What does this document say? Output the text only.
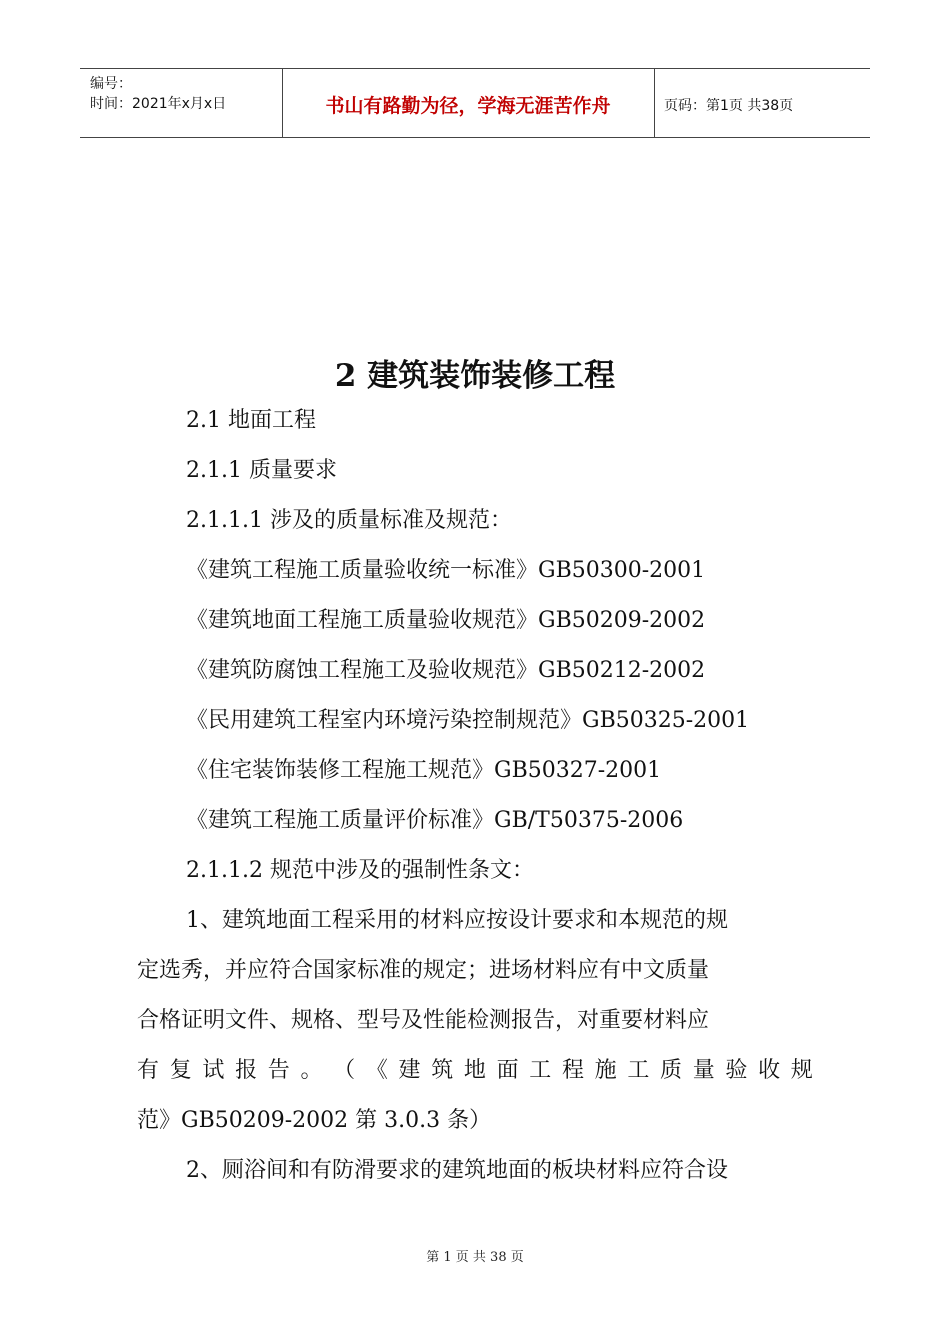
编号：
时间：2021年x月x日	书山有路勤为径，学海无涯苦作舟	页码：第1页 共38页
2 建筑装饰装修工程
2.1 地面工程
2.1.1 质量要求
2.1.1.1 涉及的质量标准及规范：
《建筑工程施工质量验收统一标准》GB50300-2001
《建筑地面工程施工质量验收规范》GB50209-2002
《建筑防腐蚀工程施工及验收规范》GB50212-2002
《民用建筑工程室内环境污染控制规范》GB50325-2001
《住宅装饰装修工程施工规范》GB50327-2001
《建筑工程施工质量评价标准》GB/T50375-2006
2.1.1.2 规范中涉及的强制性条文：
1、建筑地面工程采用的材料应按设计要求和本规范的规
定选秀，并应符合国家标准的规定；进场材料应有中文质量
合格证明文件、规格、型号及性能检测报告，对重要材料应
有 复 试 报 告 。 （ 《 建 筑 地 面 工 程 施 工 质 量 验 收 规
范》GB50209-2002 第 3.0.3 条）
2、厕浴间和有防滑要求的建筑地面的板块材料应符合设
第 1 页 共 38 页
